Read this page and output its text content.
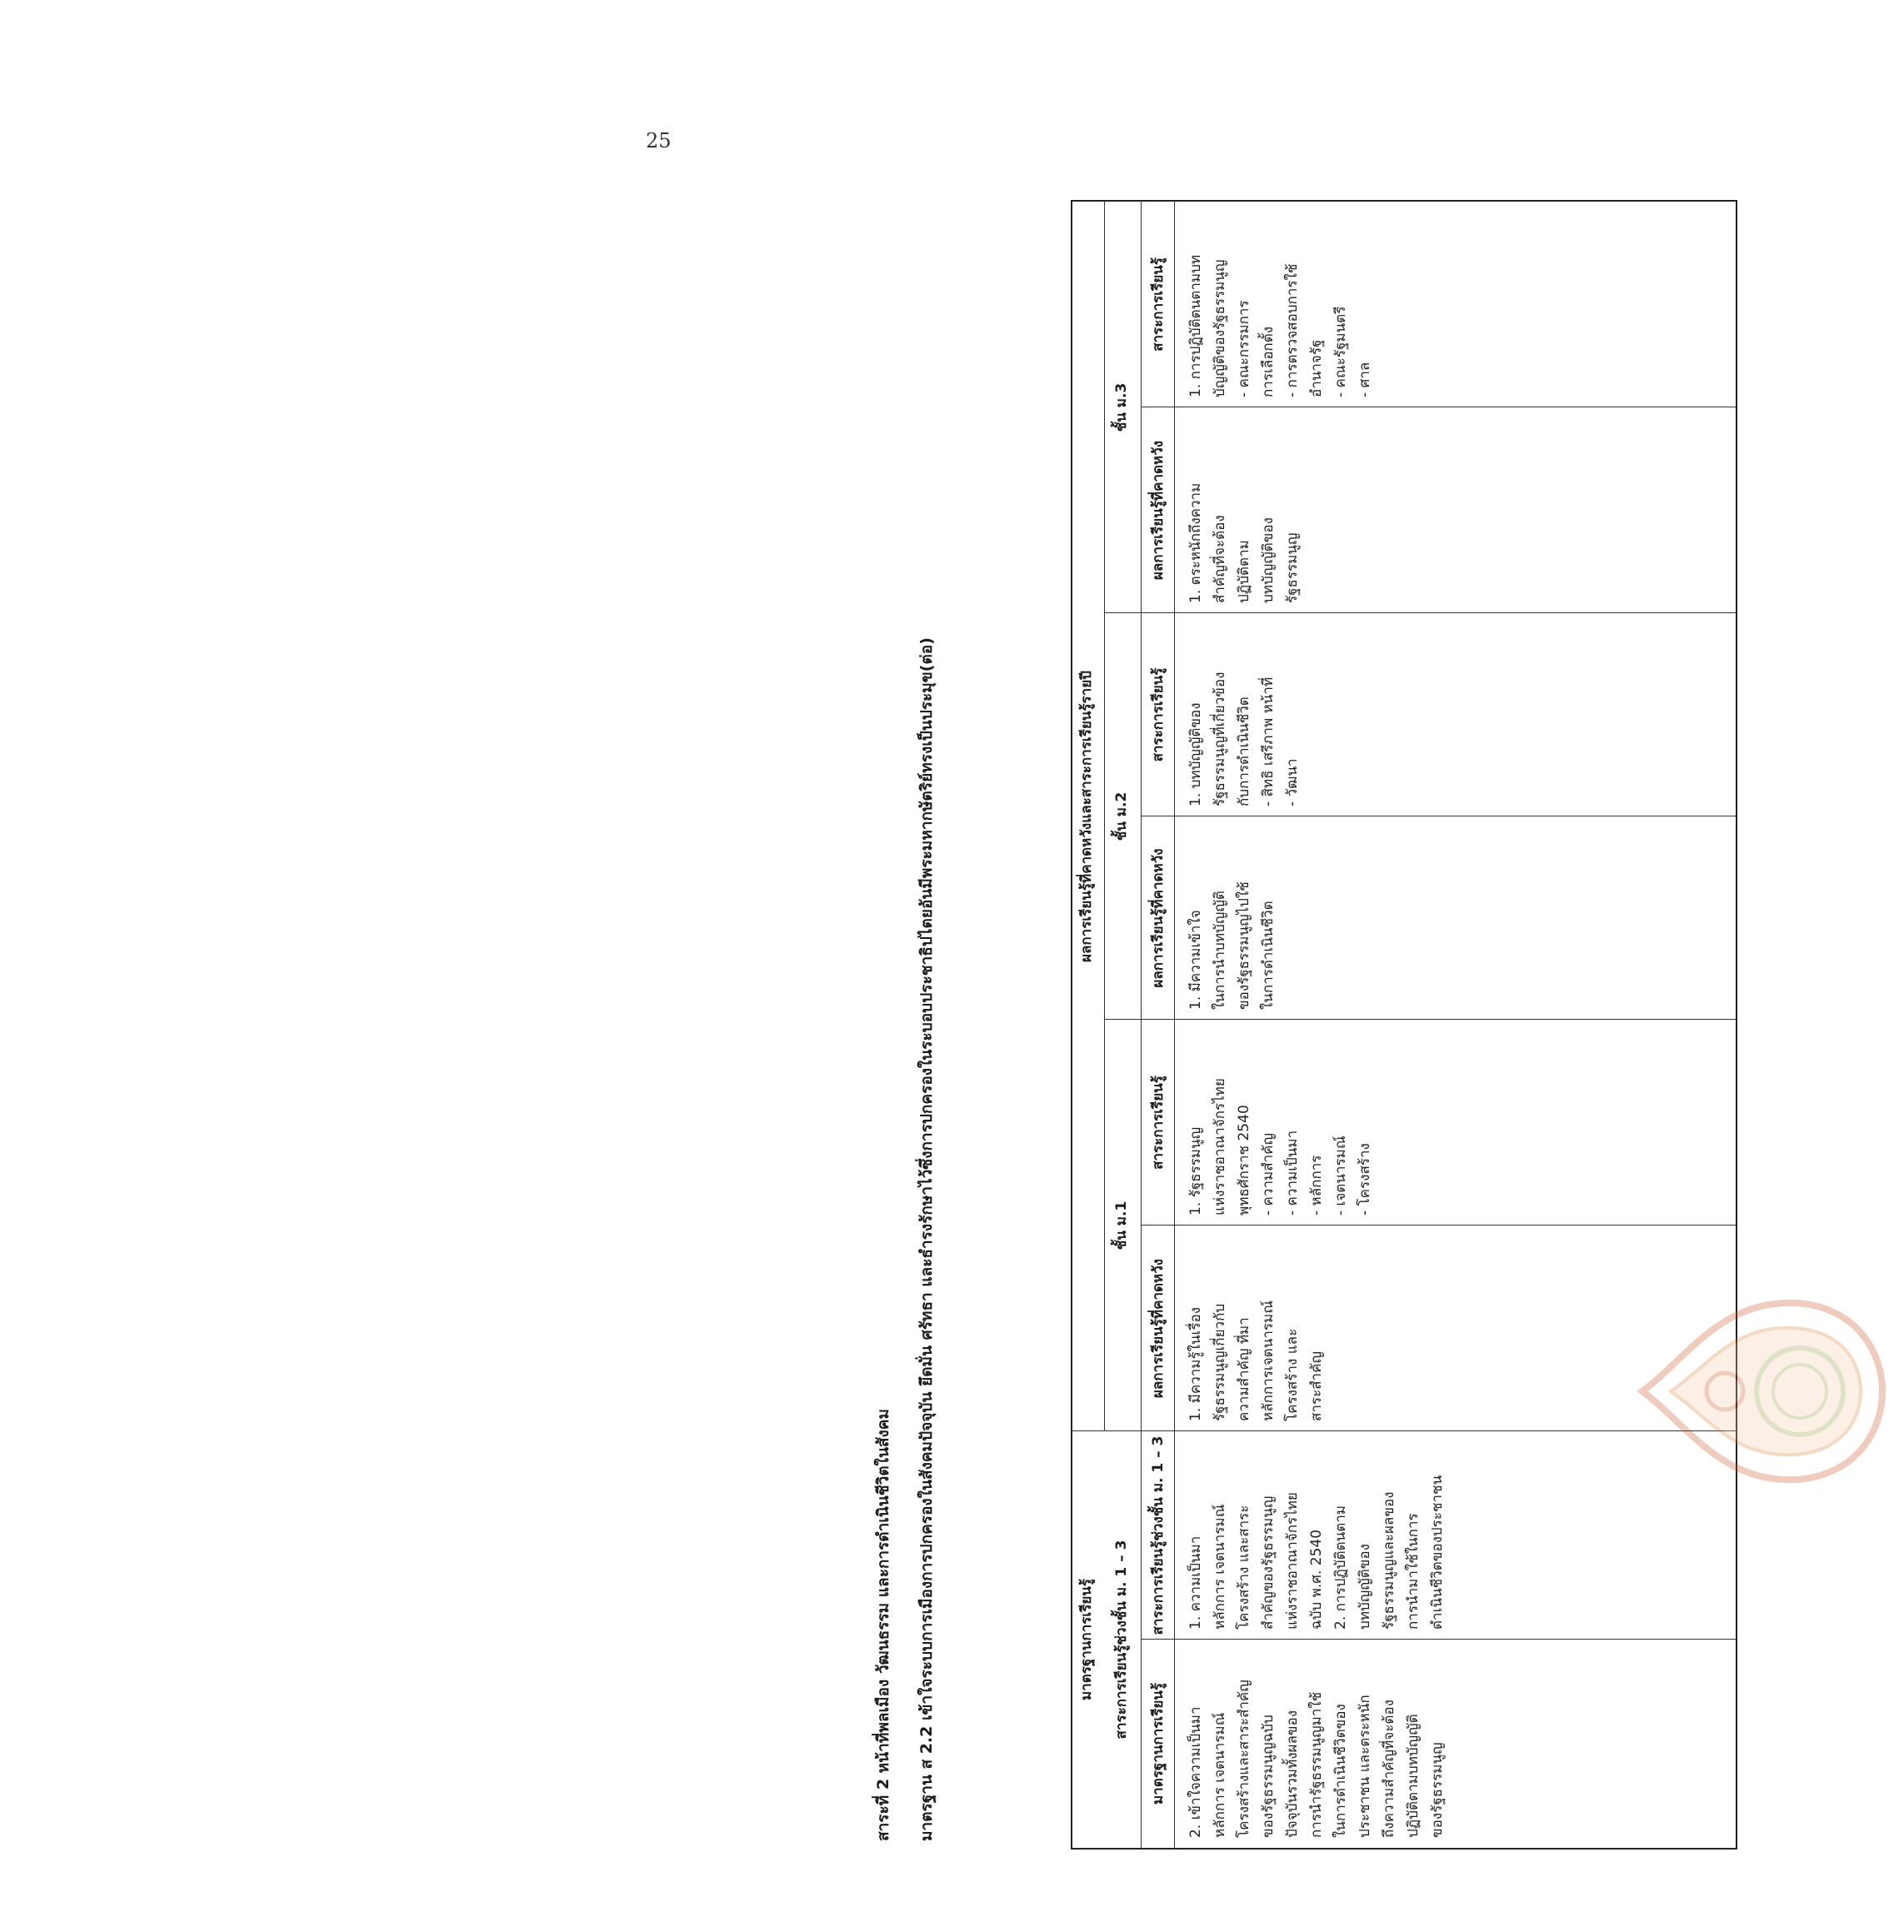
25
สาระที่ 2 หน้าที่พลเมือง วัฒนธรรม และการดำเนินชีวิตในสังคม มาตรฐาน ส 2.2 เข้าใจระบบการเมืองการปกครองในสังคมปัจจุบัน ยึดมั่น ศรัทธา และธำรงรักษาไว้ซึ่งการปกครองในระบอบประชาธิปไตยอันมีพระมหากษัตริย์ทรงเป็นประมุข(ต่อ)	มาตรฐานการเรียนรู้
ผลการเรียนรู้ที่คาดหวังและสาระการเรียนรู้รายปี
สาระการเรียนรู้ช่วงชั้น ม. 1 – 3
ชั้น ม.1
ชั้น ม.2
ชั้น ม.3
มาตรฐานการเรียนรู้
สาระการเรียนรู้ช่วงชั้น ม. 1 – 3
ผลการเรียนรู้ที่คาดหวัง
สาระการเรียนรู้
ผลการเรียนรู้ที่คาดหวัง
สาระการเรียนรู้
ผลการเรียนรู้ที่คาดหวัง
สาระการเรียนรู้
2. เข้าใจความเป็นมา
หลักการ เจตนารมณ์
โครงสร้างและสาระสำคัญ
ของรัฐธรรมนูญฉบับ
ปัจจุบันรวมทั้งผลของ
การนำรัฐธรรมนูญมาใช้
ในการดำเนินชีวิตของ
ประชาชน และตระหนัก
ถึงความสำคัญที่จะต้อง
ปฏิบัติตามบทบัญญัติ
ของรัฐธรรมนูญ
1. ความเป็นมา
หลักการ เจตนารมณ์
โครงสร้าง และสาระ
สำคัญของรัฐธรรมนูญ
แห่งราชอาณาจักรไทย
ฉบับ พ.ศ. 2540
2. การปฏิบัติตนตาม
บทบัญญัติของ
รัฐธรรมนูญและผลของ
การนำมาใช้ในการ
ดำเนินชีวิตของประชาชน
1. มีความรู้ในเรื่อง
รัฐธรรมนูญเกี่ยวกับ
ความสำคัญ ที่มา
หลักการเจตนารมณ์
โครงสร้าง และ
สาระสำคัญ
1. รัฐธรรมนูญ
แห่งราชอาณาจักรไทย
พุทธศักราช 2540
- ความสำคัญ
- ความเป็นมา
- หลักการ
- เจตนารมณ์
- โครงสร้าง
1. มีความเข้าใจ
ในการนำบทบัญญัติ
ของรัฐธรรมนูญไปใช้
ในการดำเนินชีวิต
1. บทบัญญัติของ
รัฐธรรมนูญที่เกี่ยวข้อง
กับการดำเนินชีวิต
- สิทธิ เสรีภาพ หน้าที่
- วัฒนา
1. ตระหนักถึงความ
สำคัญที่จะต้อง
ปฏิบัติตาม
บทบัญญัติของ
รัฐธรรมนูญ
1. การปฏิบัติตนตามบท
บัญญัติของรัฐธรรมนูญ
- คณะกรรมการ
การเลือกตั้ง
- การตรวจสอบการใช้
อำนาจรัฐ
- คณะรัฐมนตรี
- ศาล
